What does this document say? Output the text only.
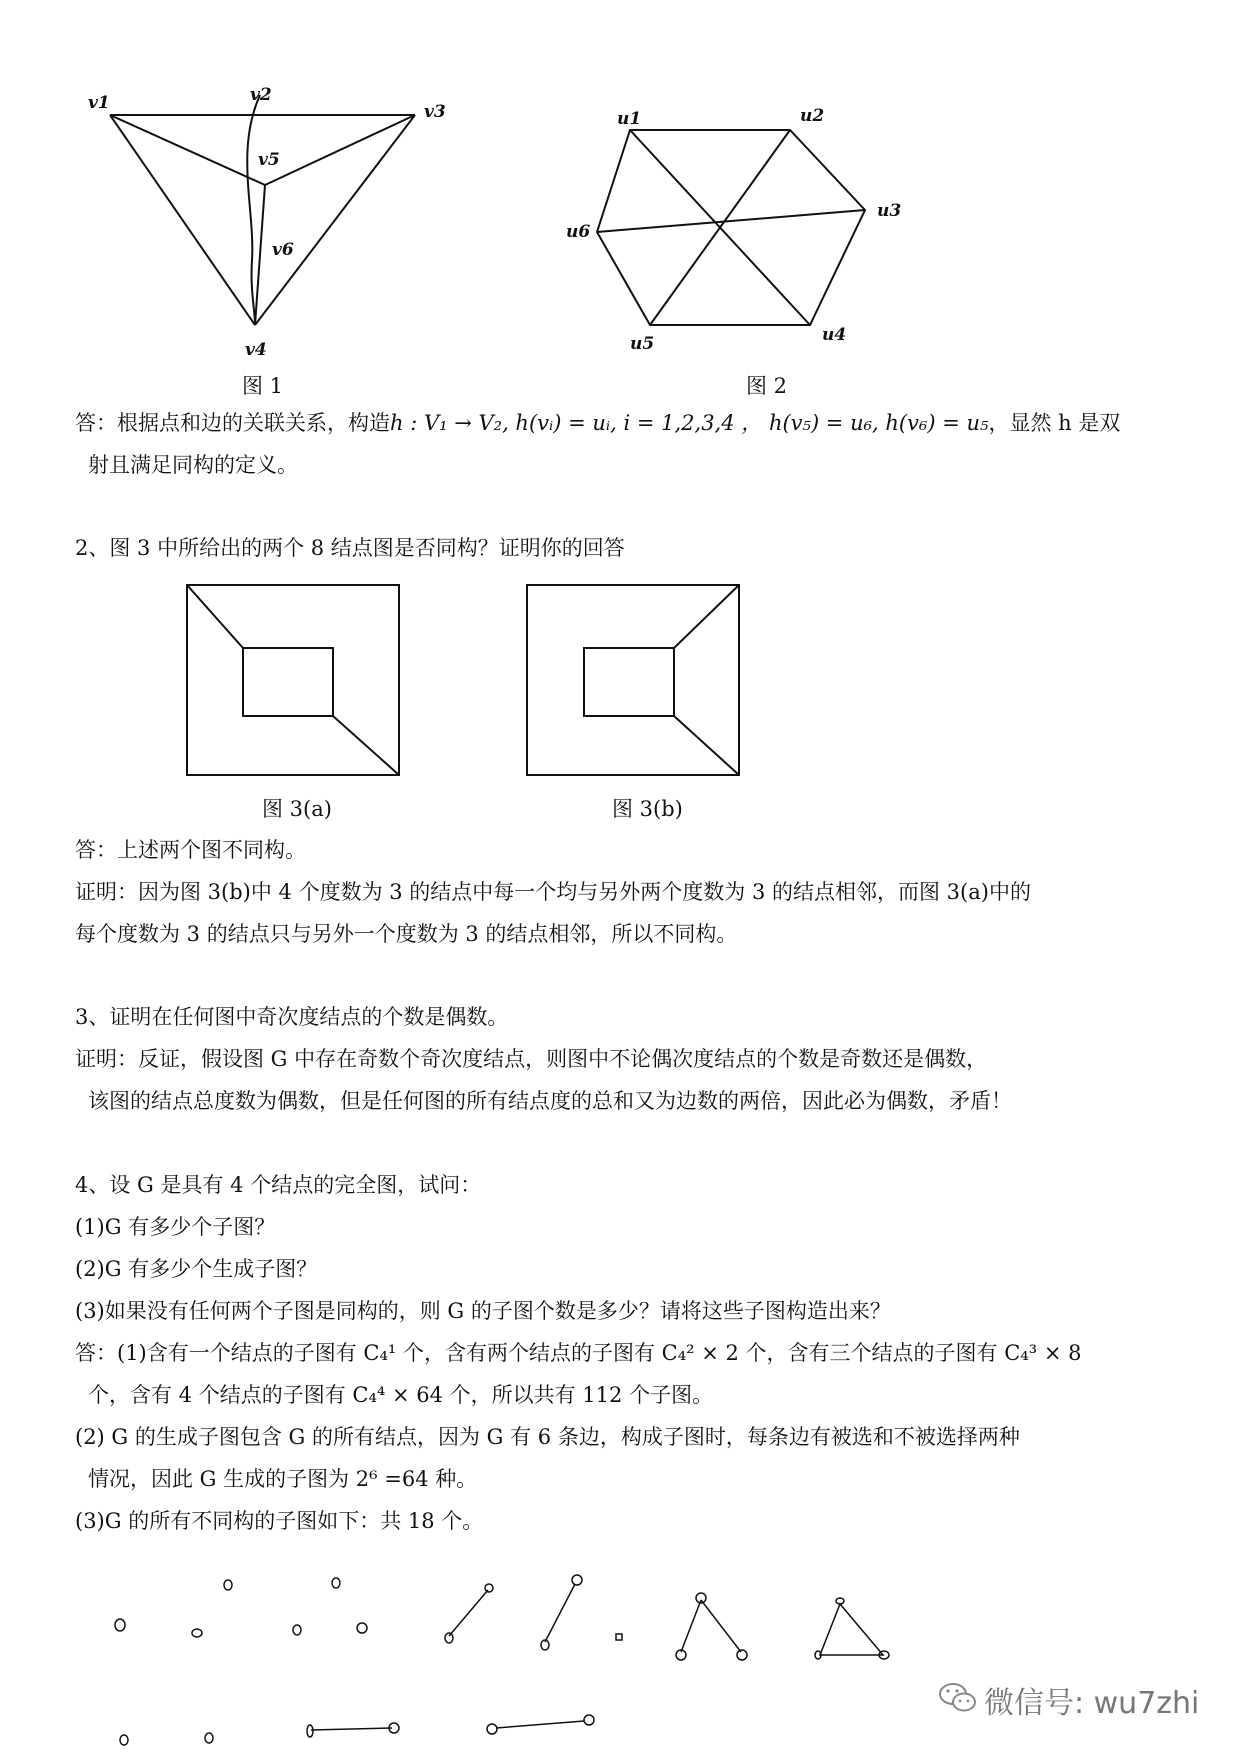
v1	v2
v3
v4
v5
v6
u1	u2
u3
u4
u5
u6
图 1	图 2
答：根据点和边的关联关系，构造h : V₁ → V₂, h(vᵢ) = uᵢ, i = 1,2,3,4 ， h(v₅) = u₆, h(v₆) = u₅，显然 h 是双
射且满足同构的定义。
2、图 3 中所给出的两个 8 结点图是否同构？证明你的回答
图 3(a)	图 3(b)
答：上述两个图不同构。
证明：因为图 3(b)中 4 个度数为 3 的结点中每一个均与另外两个度数为 3 的结点相邻，而图 3(a)中的
每个度数为 3 的结点只与另外一个度数为 3 的结点相邻，所以不同构。
3、证明在任何图中奇次度结点的个数是偶数。
证明：反证，假设图 G 中存在奇数个奇次度结点，则图中不论偶次度结点的个数是奇数还是偶数，
该图的结点总度数为偶数，但是任何图的所有结点度的总和又为边数的两倍，因此必为偶数，矛盾！
4、设 G 是具有 4 个结点的完全图，试问：
(1)G 有多少个子图？
(2)G 有多少个生成子图？
(3)如果没有任何两个子图是同构的，则 G 的子图个数是多少？请将这些子图构造出来？
答：(1)含有一个结点的子图有 C₄¹ 个，含有两个结点的子图有 C₄² × 2 个，含有三个结点的子图有 C₄³ × 8
个，含有 4 个结点的子图有 C₄⁴ × 64 个，所以共有 112 个子图。
(2) G 的生成子图包含 G 的所有结点，因为 G 有 6 条边，构成子图时，每条边有被选和不被选择两种
情况，因此 G 生成的子图为 2⁶ =64 种。
(3)G 的所有不同构的子图如下：共 18 个。
微信号: wu7zhi
